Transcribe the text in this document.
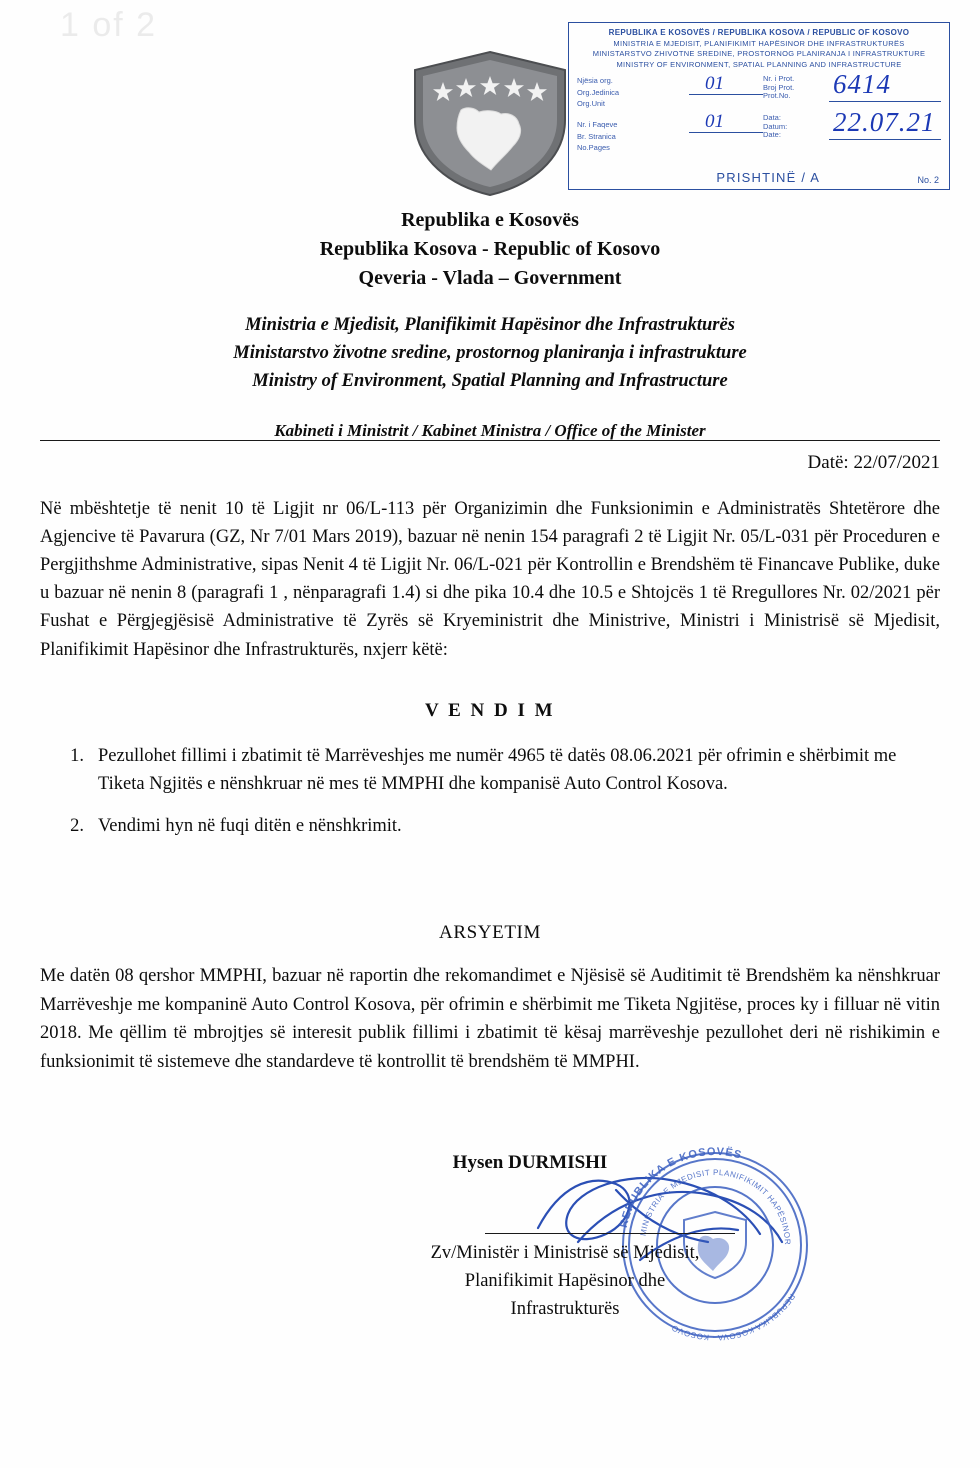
1 of 2	REPUBLIKA E KOSOVËS / REPUBLIKA KOSOVA / REPUBLIC OF KOSOVO
MINISTRIA E MJEDISIT, PLANIFIKIMIT HAPËSINOR DHE INFRASTRUKTURËS
MINISTARSTVO ZHIVOTNE SREDINE, PROSTORNOG PLANIRANJA I INFRASTRUKTURE
MINISTRY OF ENVIRONMENT, SPATIAL PLANNING AND INFRASTRUCTURE
Njësia org.
Org.Jedinica
Org.Unit
Nr. i Faqeve
Br. Stranica
No.Pages
01
01
Nr. i Prot.
Broj Prot.
Prot.No.
Data:
Datum:
Date:
6414
22.07.21
PRISHTINË / A	No. 2
Republika e Kosovës
Republika Kosova - Republic of Kosovo
Qeveria - Vlada – Government
Ministria e Mjedisit, Planifikimit Hapësinor dhe Infrastrukturës
Ministarstvo životne sredine, prostornog planiranja i infrastrukture
Ministry of Environment, Spatial Planning and Infrastructure
Kabineti i Ministrit / Kabinet Ministra / Office of the Minister
Datë: 22/07/2021
Në mbështetje të nenit 10 të Ligjit nr 06/L-113 për Organizimin dhe Funksionimin e Administratës Shtetërore dhe Agjencive të Pavarura (GZ, Nr 7/01 Mars 2019), bazuar në nenin 154 paragrafi 2 të Ligjit Nr. 05/L-031 për Proceduren e Pergjithshme Administrative, sipas Nenit 4 të Ligjit Nr. 06/L-021 për Kontrollin e Brendshëm të Financave Publike, duke u bazuar në nenin 8 (paragrafi 1 , nënparagrafi 1.4) si dhe pika 10.4 dhe 10.5 e Shtojcës 1 të Rregullores Nr. 02/2021 për Fushat e Përgjegjësisë Administrative të Zyrës së Kryeministrit dhe Ministrive, Ministri i Ministrisë së Mjedisit, Planifikimit Hapësinor dhe Infrastrukturës, nxjerr këtë:
V E N D I M
1. Pezullohet fillimi i zbatimit të Marrëveshjes me numër 4965 të datës 08.06.2021 për ofrimin e shërbimit me Tiketa Ngjitës e nënshkruar në mes të MMPHI dhe kompanisë Auto Control Kosova.
2. Vendimi hyn në fuqi ditën e nënshkrimit.
ARSYETIM
Me datën 08 qershor MMPHI, bazuar në raportin dhe rekomandimet e Njësisë së Auditimit të Brendshëm ka nënshkruar Marrëveshje me kompaninë Auto Control Kosova, për ofrimin e shërbimit me Tiketa Ngjitëse, proces ky i filluar në vitin 2018. Me qëllim të mbrojtjes së interesit publik fillimi i zbatimit të kësaj marrëveshje pezullohet deri në rishikimin e funksionimit të sistemeve dhe standardeve të kontrollit të brendshëm të MMPHI.
Hysen DURMISHI
REPUBLIKA E KOSOVËS
MINISTRIA E MJEDISIT PLANIFIKIMIT HAPËSINOR
REPUBLIKA KOSOVA · KOSOVO
Zv/Ministër i Ministrisë së Mjedisit,
Planifikimit Hapësinor dhe
Infrastrukturës
